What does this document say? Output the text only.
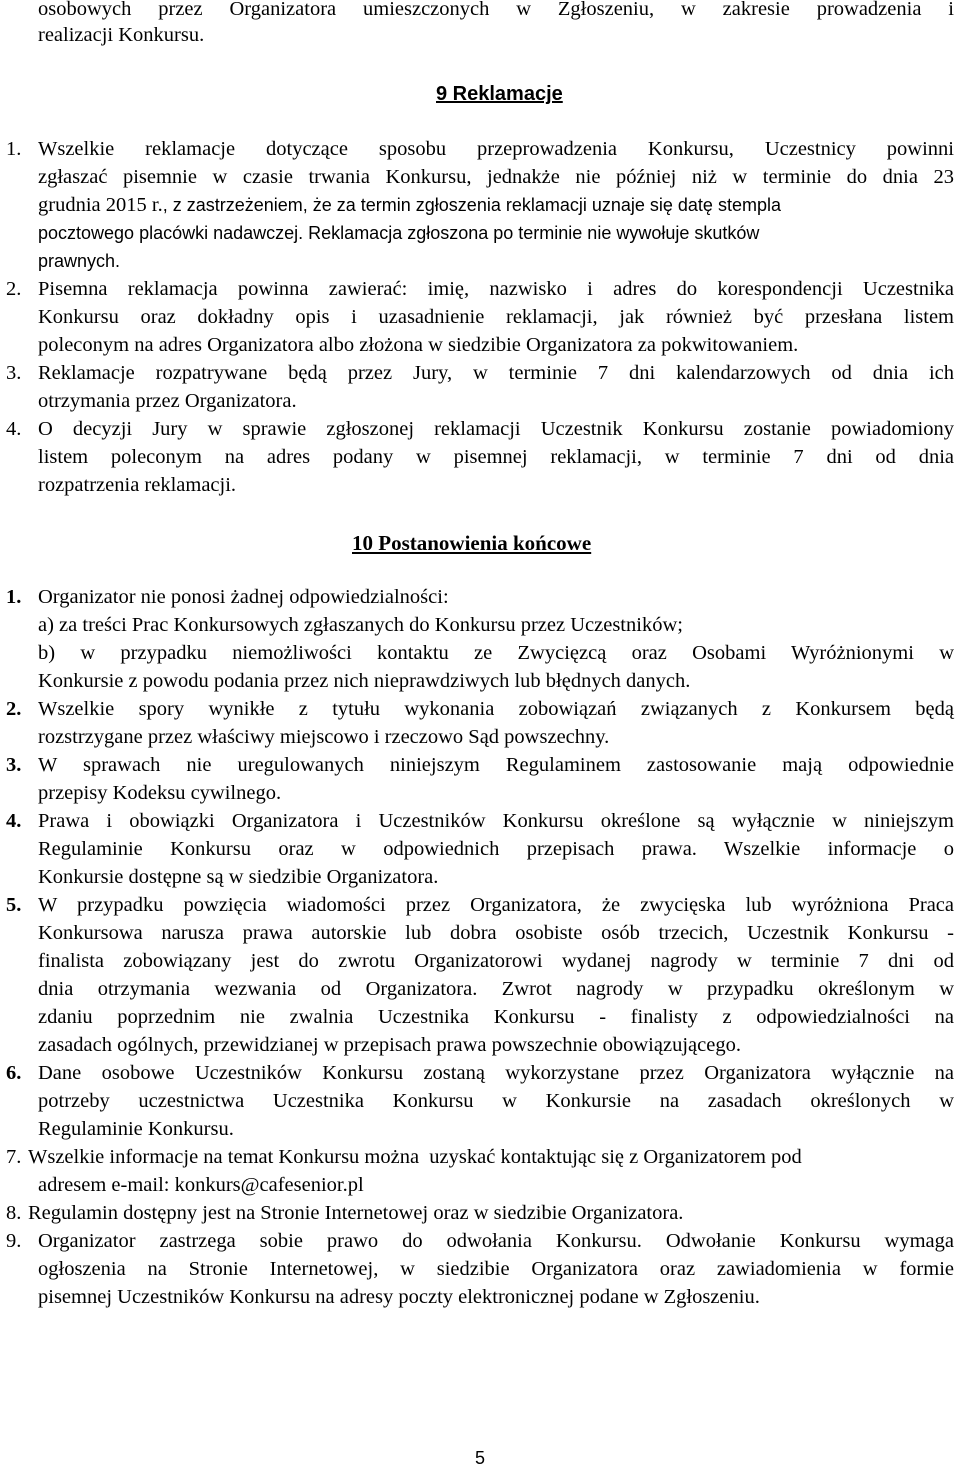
osobowych przez Organizatora umieszczonych w Zgłoszeniu, w zakresie prowadzenia i
realizacji Konkursu.
9 Reklamacje
1. Wszelkie reklamacje dotyczące sposobu przeprowadzenia Konkursu, Uczestnicy powinni
zgłaszać pisemnie w czasie trwania Konkursu, jednakże nie później niż w terminie do dnia 23
grudnia 2015 r., z zastrzeżeniem, że za termin zgłoszenia reklamacji uznaje się datę stempla
pocztowego placówki nadawczej. Reklamacja zgłoszona po terminie nie wywołuje skutków
prawnych.
2. Pisemna reklamacja powinna zawierać: imię, nazwisko i adres do korespondencji Uczestnika
Konkursu oraz dokładny opis i uzasadnienie reklamacji, jak również być przesłana listem
poleconym na adres Organizatora albo złożona w siedzibie Organizatora za pokwitowaniem.
3. Reklamacje rozpatrywane będą przez Jury, w terminie 7 dni kalendarzowych od dnia ich
otrzymania przez Organizatora.
4. O decyzji Jury w sprawie zgłoszonej reklamacji Uczestnik Konkursu zostanie powiadomiony
listem poleconym na adres podany w pisemnej reklamacji, w terminie 7 dni od dnia
rozpatrzenia reklamacji.
10 Postanowienia końcowe
1. Organizator nie ponosi żadnej odpowiedzialności:
a) za treści Prac Konkursowych zgłaszanych do Konkursu przez Uczestników;
b) w przypadku niemożliwości kontaktu ze Zwycięzcą oraz Osobami Wyróżnionymi w
Konkursie z powodu podania przez nich nieprawdziwych lub błędnych danych.
2. Wszelkie spory wynikłe z tytułu wykonania zobowiązań związanych z Konkursem będą
rozstrzygane przez właściwy miejscowo i rzeczowo Sąd powszechny.
3. W sprawach nie uregulowanych niniejszym Regulaminem zastosowanie mają odpowiednie
przepisy Kodeksu cywilnego.
4. Prawa i obowiązki Organizatora i Uczestników Konkursu określone są wyłącznie w niniejszym
Regulaminie Konkursu oraz w odpowiednich przepisach prawa. Wszelkie informacje o
Konkursie dostępne są w siedzibie Organizatora.
5. W przypadku powzięcia wiadomości przez Organizatora, że zwycięska lub wyróżniona Praca
Konkursowa narusza prawa autorskie lub dobra osobiste osób trzecich, Uczestnik Konkursu -
finalista zobowiązany jest do zwrotu Organizatorowi wydanej nagrody w terminie 7 dni od
dnia otrzymania wezwania od Organizatora. Zwrot nagrody w przypadku określonym w
zdaniu poprzednim nie zwalnia Uczestnika Konkursu - finalisty z odpowiedzialności na
zasadach ogólnych, przewidzianej w przepisach prawa powszechnie obowiązującego.
6. Dane osobowe Uczestników Konkursu zostaną wykorzystane przez Organizatora wyłącznie na
potrzeby uczestnictwa Uczestnika Konkursu w Konkursie na zasadach określonych w
Regulaminie Konkursu.
7. Wszelkie informacje na temat Konkursu można  uzyskać kontaktując się z Organizatorem pod
adresem e-mail: konkurs@cafesenior.pl
8. Regulamin dostępny jest na Stronie Internetowej oraz w siedzibie Organizatora.
9. Organizator zastrzega sobie prawo do odwołania Konkursu. Odwołanie Konkursu wymaga
ogłoszenia na Stronie Internetowej, w siedzibie Organizatora oraz zawiadomienia w formie
pisemnej Uczestników Konkursu na adresy poczty elektronicznej podane w Zgłoszeniu.
5
